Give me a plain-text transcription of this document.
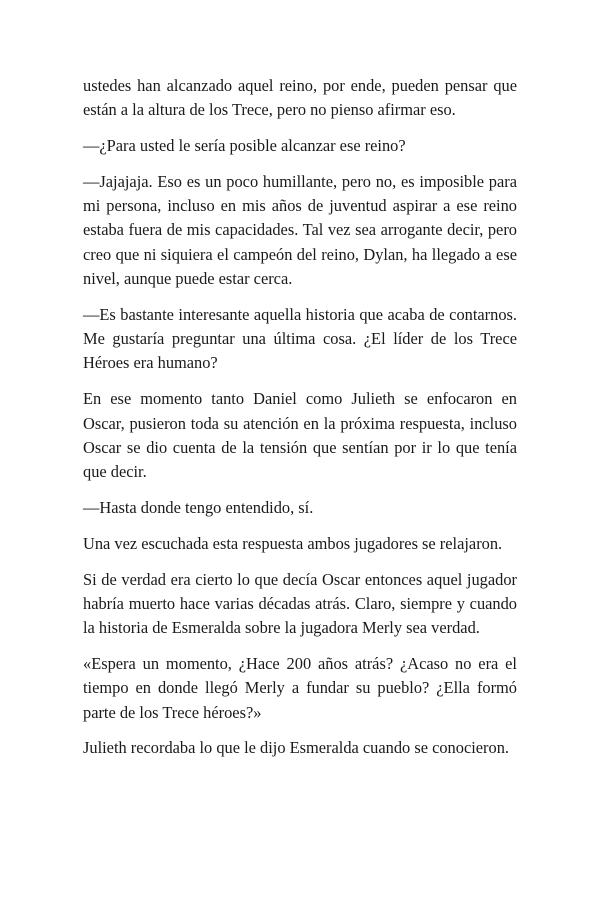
ustedes han alcanzado aquel reino, por ende, pueden pensar que están a la altura de los Trece, pero no pienso afirmar eso.

—¿Para usted le sería posible alcanzar ese reino?

—Jajajaja. Eso es un poco humillante, pero no, es imposible para mi persona, incluso en mis años de juventud aspirar a ese reino estaba fuera de mis capacidades. Tal vez sea arrogante decir, pero creo que ni siquiera el campeón del reino, Dylan, ha llegado a ese nivel, aunque puede estar cerca.

—Es bastante interesante aquella historia que acaba de contarnos. Me gustaría preguntar una última cosa. ¿El líder de los Trece Héroes era humano?

En ese momento tanto Daniel como Julieth se enfocaron en Oscar, pusieron toda su atención en la próxima respuesta, incluso Oscar se dio cuenta de la tensión que sentían por ir lo que tenía que decir.

—Hasta donde tengo entendido, sí.

Una vez escuchada esta respuesta ambos jugadores se relajaron.

Si de verdad era cierto lo que decía Oscar entonces aquel jugador habría muerto hace varias décadas atrás. Claro, siempre y cuando la historia de Esmeralda sobre la jugadora Merly sea verdad.

«Espera un momento, ¿Hace 200 años atrás? ¿Acaso no era el tiempo en donde llegó Merly a fundar su pueblo? ¿Ella formó parte de los Trece héroes?»

Julieth recordaba lo que le dijo Esmeralda cuando se conocieron.
